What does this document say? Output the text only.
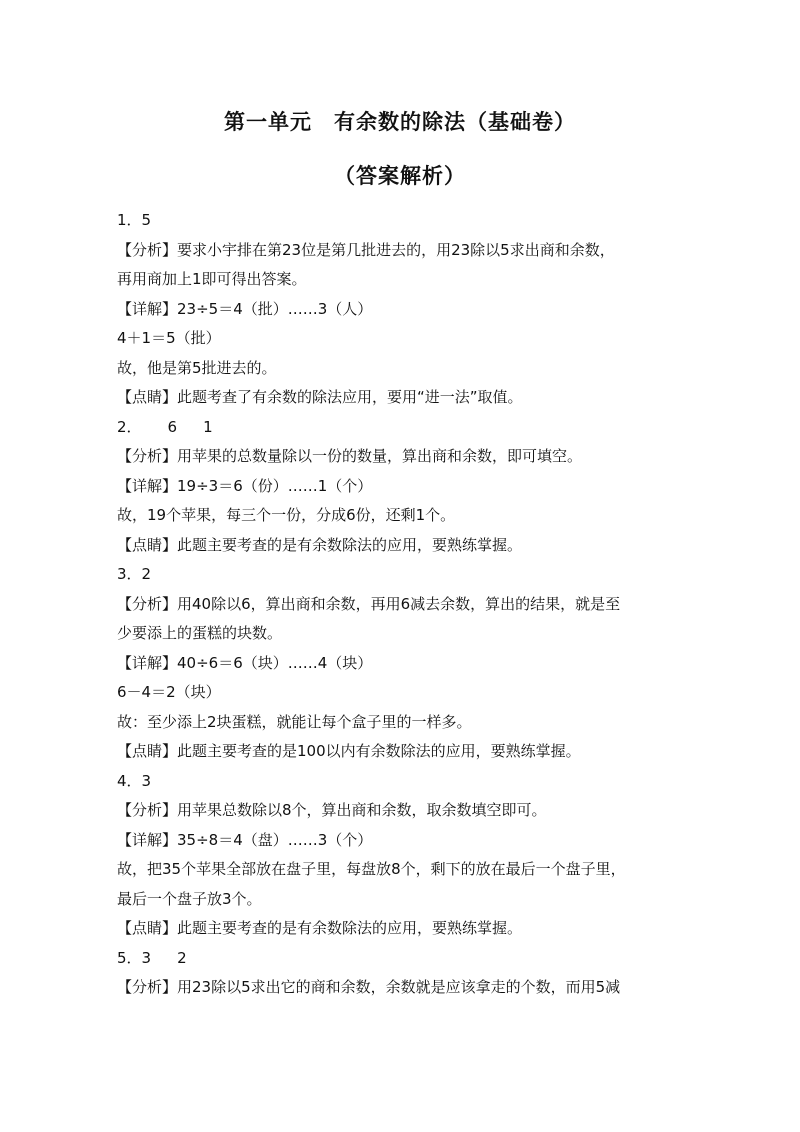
第一单元　有余数的除法（基础卷）
（答案解析）

1．5

【分析】要求小宇排在第23位是第几批进去的，用23除以5求出商和余数，

再用商加上1即可得出答案。

【详解】23÷5＝4（批）……3（人）

4＋1＝5（批）

故，他是第5批进去的。

【点睛】此题考查了有余数的除法应用，要用“进一法”取值。

2． 6 1

【分析】用苹果的总数量除以一份的数量，算出商和余数，即可填空。

【详解】19÷3＝6（份）……1（个）

故，19个苹果，每三个一份，分成6份，还剩1个。

【点睛】此题主要考查的是有余数除法的应用，要熟练掌握。

3．2

【分析】用40除以6，算出商和余数，再用6减去余数，算出的结果，就是至

少要添上的蛋糕的块数。

【详解】40÷6＝6（块）……4（块）

6－4＝2（块）

故：至少添上2块蛋糕，就能让每个盒子里的一样多。

【点睛】此题主要考查的是100以内有余数除法的应用，要熟练掌握。

4．3

【分析】用苹果总数除以8个，算出商和余数，取余数填空即可。

【详解】35÷8＝4（盘）……3（个）

故，把35个苹果全部放在盘子里，每盘放8个，剩下的放在最后一个盘子里，

最后一个盘子放3个。

【点睛】此题主要考查的是有余数除法的应用，要熟练掌握。

5．3 2

【分析】用23除以5求出它的商和余数，余数就是应该拿走的个数，而用5减
